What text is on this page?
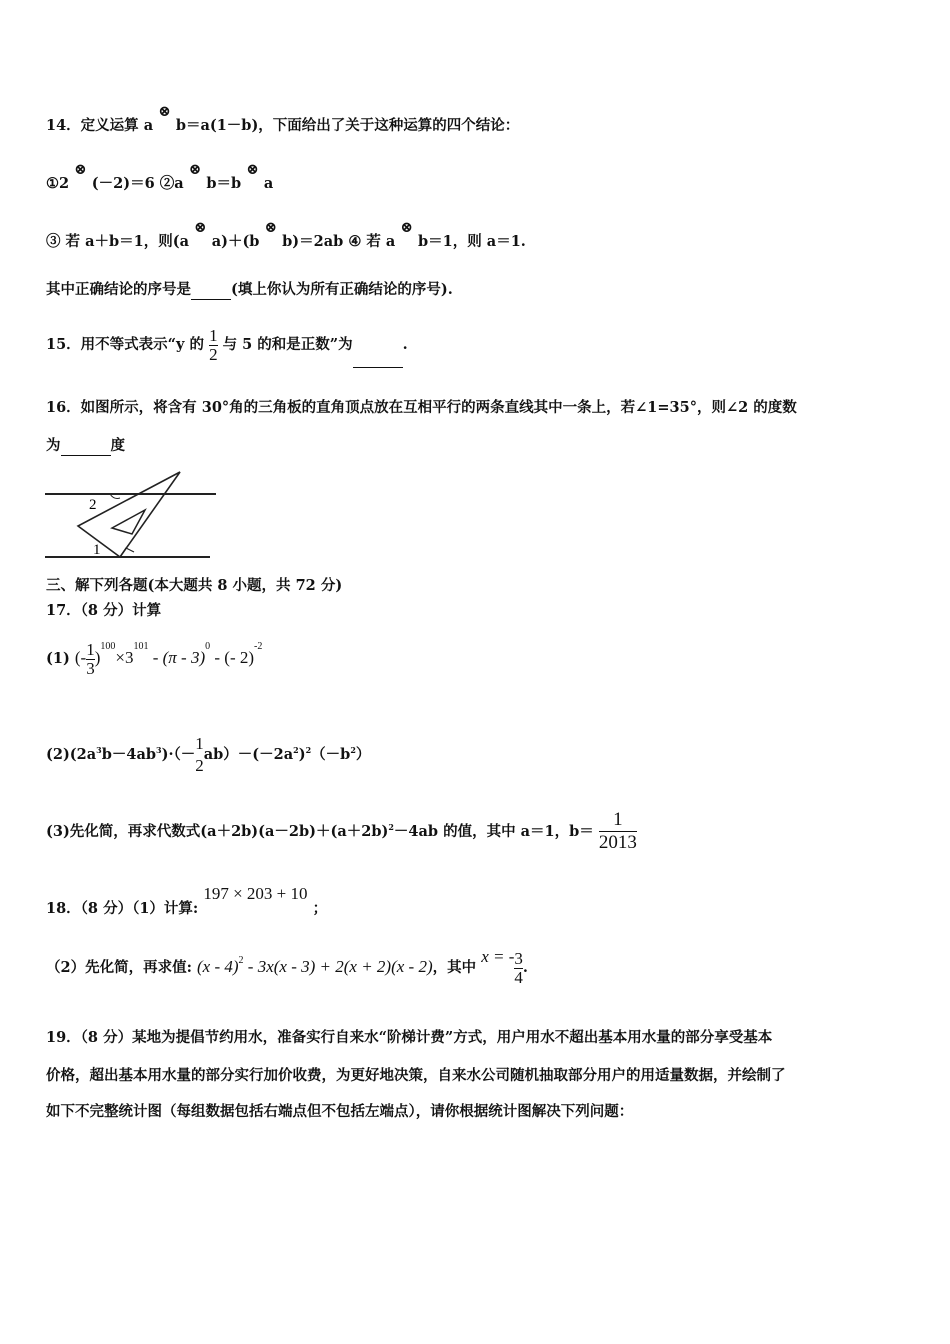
14．定义运算 a ⊗ b＝a(1－b)，下面给出了关于这种运算的四个结论：
①2 ⊗ (－2)＝6 ②a ⊗ b＝b ⊗ a
③ 若 a＋b＝1，则(a ⊗ a)＋(b ⊗ b)＝2ab ④ 若 a ⊗ b＝1，则 a＝1.
其中正确结论的序号是	(填上你认为所有正确结论的序号).
15．用不等式表示“y 的 $\frac{1}{2}$ 与 5 的和是正数”为	.
16．如图所示，将含有 30°角的三角板的直角顶点放在互相平行的两条直线其中一条上，若∠1=35°，则∠2 的度数
为	度
2
1
三、解下列各题(本大题共 8 小题，共 72 分)
17．（8 分）计算
(1) (- $\frac{1}{3} )^{100}\times 3^{101} - (\pi - 3)^0$ - (- 2)$^{-2}$
$(2)(2a^3b-4ab^3)\cdot(-$
1
2
$ab)-(-2a^2)^2(-b^2)$
(3)先化简，再求代数式$(a+2b)(a-2b)+(a+2b)^2-4ab$ 的值，其中 a＝1，$b= \frac{1}{2013}$
18．（8 分）（1）计算: 197 × 203 + 10 ；
（2）先化简，再求值: (x - 4)$^2$ - 3x(x - 3) + 2(x + 2)(x - 2)，其中 x = - $\frac{3}{4}$ .
19．（8 分）某地为提倡节约用水，准备实行自来水“阶梯计费”方式，用户用水不超出基本用水量的部分享受基本
价格，超出基本用水量的部分实行加价收费，为更好地决策，自来水公司随机抽取部分用户的用适量数据，并绘制了
如下不完整统计图（每组数据包括右端点但不包括左端点），请你根据统计图解决下列问题：
